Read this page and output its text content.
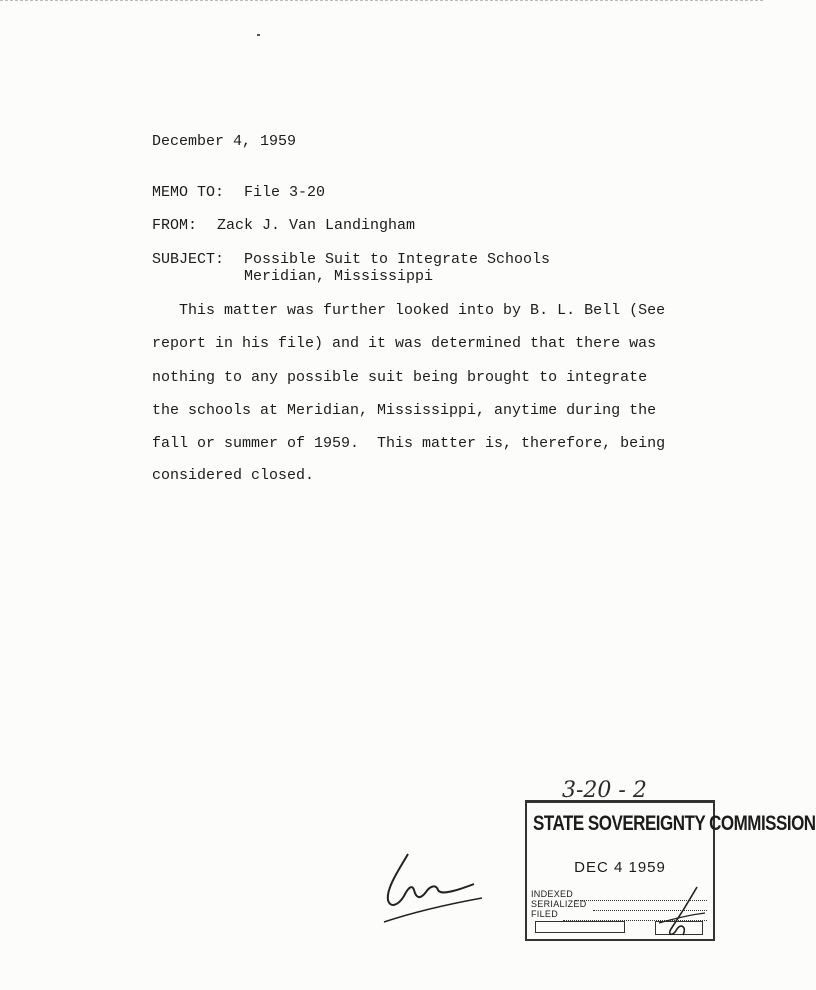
December 4, 1959
MEMO TO: File 3-20
FROM: Zack J. Van Landingham
SUBJECT: Possible Suit to Integrate Schools
Meridian, Mississippi
This matter was further looked into by B. L. Bell (See
report in his file) and it was determined that there was
nothing to any possible suit being brought to integrate
the schools at Meridian, Mississippi, anytime during the
fall or summer of 1959.  This matter is, therefore, being
considered closed.
3-20 - 2
STATE SOVEREIGNTY COMMISSION
DEC 4 1959
INDEXED
SERIALIZED
FILED
